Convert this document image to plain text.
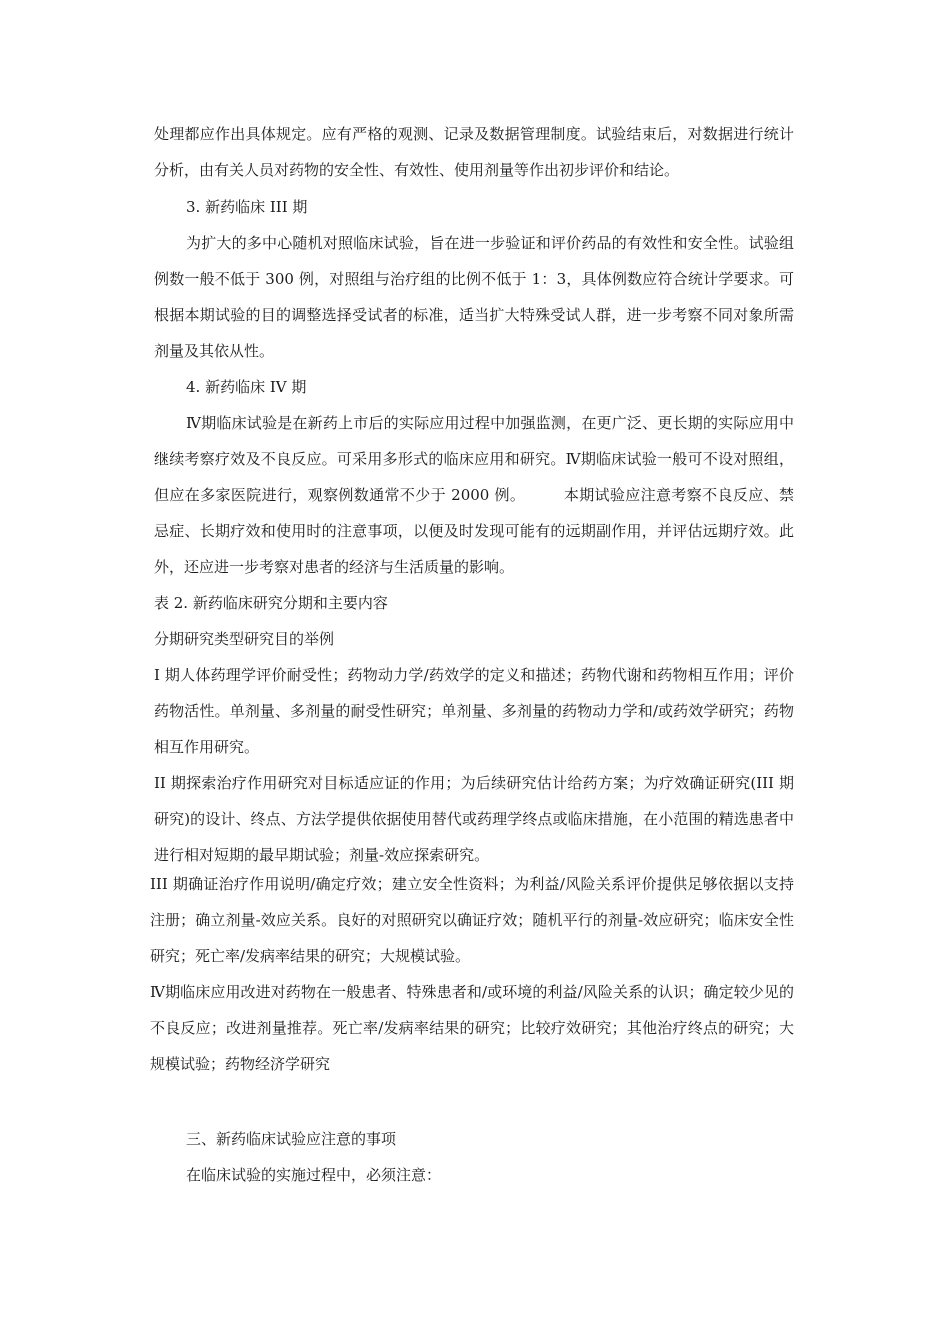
处理都应作出具体规定。应有严格的观测、记录及数据管理制度。试验结束后，对数据进行统计分析，由有关人员对药物的安全性、有效性、使用剂量等作出初步评价和结论。
3. 新药临床 III 期
为扩大的多中心随机对照临床试验，旨在进一步验证和评价药品的有效性和安全性。试验组例数一般不低于 300 例，对照组与治疗组的比例不低于 1：3，具体例数应符合统计学要求。可根据本期试验的目的调整选择受试者的标准，适当扩大特殊受试人群，进一步考察不同对象所需剂量及其依从性。
4. 新药临床 IV 期
Ⅳ期临床试验是在新药上市后的实际应用过程中加强监测，在更广泛、更长期的实际应用中继续考察疗效及不良反应。可采用多形式的临床应用和研究。Ⅳ期临床试验一般可不设对照组，但应在多家医院进行，观察例数通常不少于 2000 例。　　　本期试验应注意考察不良反应、禁忌症、长期疗效和使用时的注意事项，以便及时发现可能有的远期副作用，并评估远期疗效。此外，还应进一步考察对患者的经济与生活质量的影响。
表 2. 新药临床研究分期和主要内容
分期研究类型研究目的举例
I 期人体药理学评价耐受性；药物动力学/药效学的定义和描述；药物代谢和药物相互作用；评价药物活性。单剂量、多剂量的耐受性研究；单剂量、多剂量的药物动力学和/或药效学研究；药物相互作用研究。
II 期探索治疗作用研究对目标适应证的作用；为后续研究估计给药方案；为疗效确证研究(III 期研究)的设计、终点、方法学提供依据使用替代或药理学终点或临床措施，在小范围的精选患者中进行相对短期的最早期试验；剂量-效应探索研究。
III 期确证治疗作用说明/确定疗效；建立安全性资料；为利益/风险关系评价提供足够依据以支持注册；确立剂量-效应关系。良好的对照研究以确证疗效；随机平行的剂量-效应研究；临床安全性研究；死亡率/发病率结果的研究；大规模试验。
Ⅳ期临床应用改进对药物在一般患者、特殊患者和/或环境的利益/风险关系的认识；确定较少见的不良反应；改进剂量推荐。死亡率/发病率结果的研究；比较疗效研究；其他治疗终点的研究；大规模试验；药物经济学研究
三、新药临床试验应注意的事项
在临床试验的实施过程中，必须注意：
